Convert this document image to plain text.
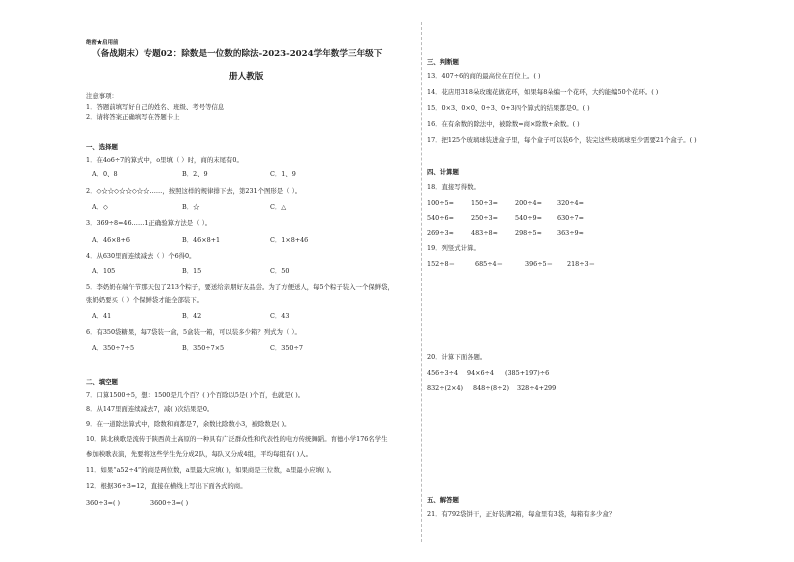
绝密★启用前
（备战期末）专题02：除数是一位数的除法-2023-2024学年数学三年级下
册人教版
注意事项：
1．答题前填写好自己的姓名、班级、考号等信息
2．请将答案正确填写在答题卡上
一、选择题
1．在4o6÷7的算式中，o里填（ ）时，商的末尾有0。
A．0、8	B．2、9	C．1、9
2．◇☆☆◇☆☆◇☆☆……，按照这样的规律排下去，第231个图形是（ ）。
A．◇	B．☆	C．△
3．369÷8=46……1正确验算方法是（ ）。
A．46×8+6	B．46×8+1	C．1×8+46
4．从630里面连续减去（ ）个6得0。
A．105	B．15	C．50
5．李奶奶在端午节那天包了213个粽子，要送给亲朋好友品尝。为了方便送人，每5个粽子装入一个保鲜袋，
张奶奶要买（ ）个保鲜袋才能全部装下。
A．41	B．42	C．43
6．有350袋糖果，每7袋装一盒，5盒装一箱，可以装多少箱？列式为（ ）。
A．350÷7÷5	B．350÷7×5	C．350÷7
二、填空题
7．口算1500÷5，想：1500是几个百？( )个百除以5是( )个百，也就是( )。
8．从147里面连续减去7，减( )次结果是0。
9．在一道除法算式中，除数和商都是7，余数比除数小3，被除数是( )。
10．陕北秧歌是流传于陕西黄土高原的一种具有广泛群众性和代表性的电方传统舞蹈。育德小学176名学生
参加秧歌表演，先要将这些学生先分成2队，每队又分成4组，平均每组有( )人。
11．如果“a52÷4”的商是两位数，a里最大应填( )，如果商是三位数，a里最小应填( )。
12．根据36÷3=12，直接在横线上写出下面各式的商。
360÷3=( )	3600÷3=( )
三、判断题
13．407÷6的商的最高位在百位上。( )
14．花店用318朵玫瑰花做花环，如果每8朵编一个花环，大约能编50个花环。( )
15．0×3、0×0、0÷3、0+3四个算式的结果都是0。( )
16．在有余数的除法中，被除数=商×除数+余数。( )
17．把125个玻璃球装进盒子里，每个盒子可以装6个，装完这些玻璃球至少需要21个盒子。( )
四、计算题
18．直接写得数。
100÷5=	150÷3=	200÷4= 320÷4=
540÷6=	250÷3=	540÷9= 630÷7=
269÷3≈	483÷8≈	298÷5≈ 363÷9≈
19．列竖式计算。
152÷8＝	685÷4＝	396÷5＝ 218÷3＝
20．计算下面各题。
456÷3÷4 94×6÷4 (385+197)÷6
832÷(2×4) 848÷(8÷2) 328÷4+299
五、解答题
21．有792袋饼干，正好装满2箱，每盒里有3袋，每箱有多少盒？
